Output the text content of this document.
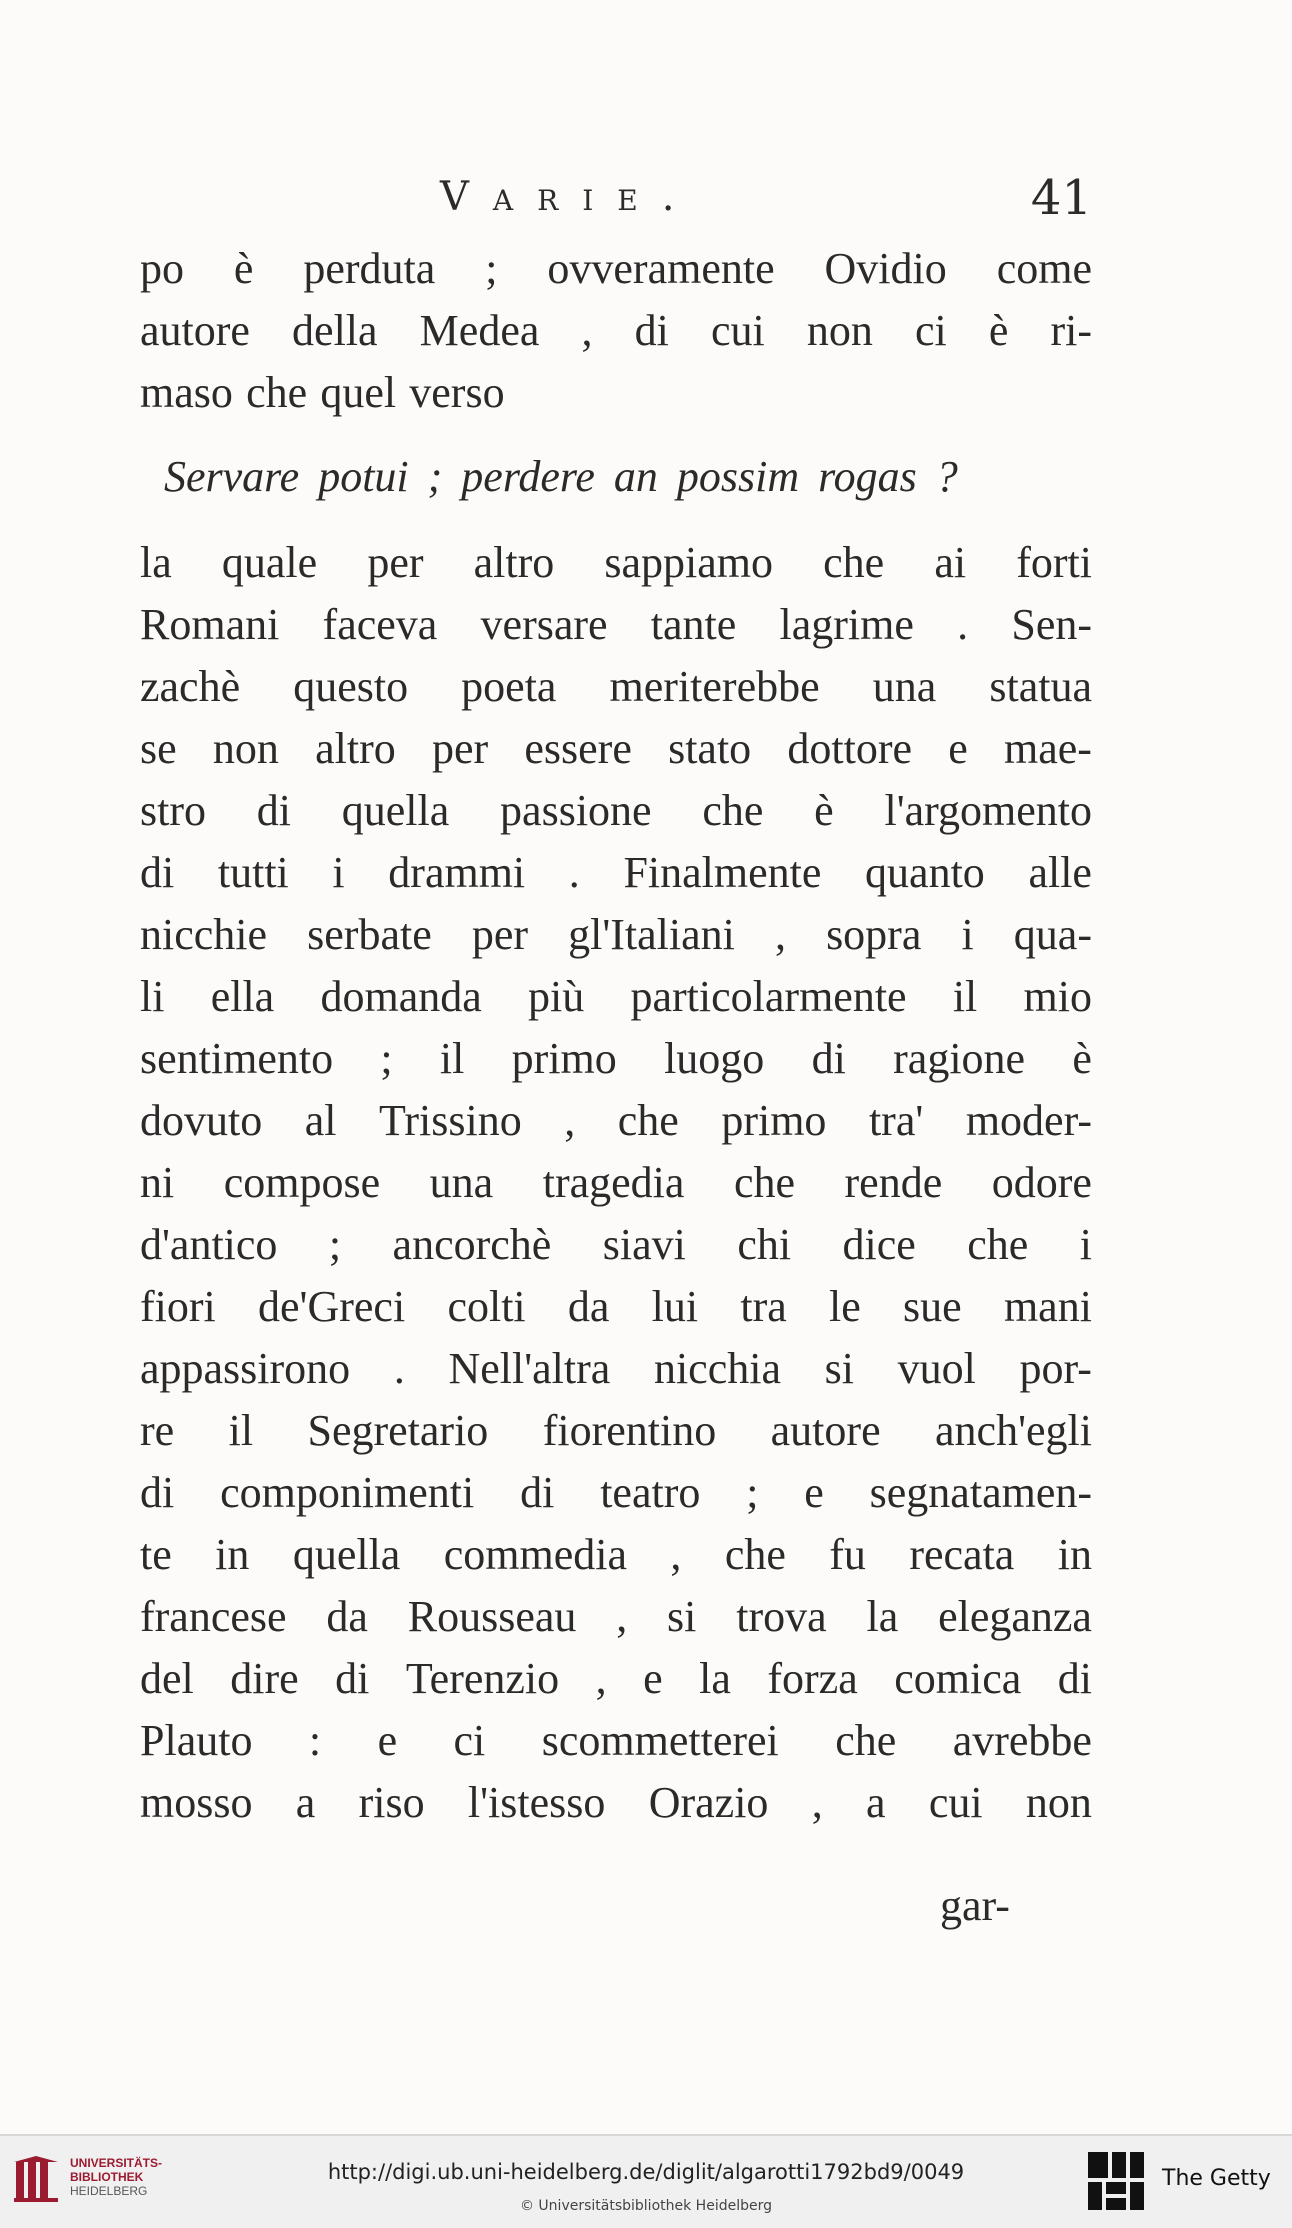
Varie.	41
po è perduta ; ovveramente Ovidio come
autore della Medea , di cui non ci è ri-
maso che quel verso
Servare potui ; perdere an possim rogas ?
la quale per altro sappiamo che ai forti
Romani faceva versare tante lagrime . Sen-
zachè questo poeta meriterebbe una statua
se non altro per essere stato dottore e mae-
stro di quella passione che è l'argomento
di tutti i drammi . Finalmente quanto alle
nicchie serbate per gl'Italiani , sopra i qua-
li ella domanda più particolarmente il mio
sentimento ; il primo luogo di ragione è
dovuto al Trissino , che primo tra' moder-
ni compose una tragedia che rende odore
d'antico ; ancorchè siavi chi dice che i
fiori de'Greci colti da lui tra le sue mani
appassirono . Nell'altra nicchia si vuol por-
re il Segretario fiorentino autore anch'egli
di componimenti di teatro ; e segnatamen-
te in quella commedia , che fu recata in
francese da Rousseau , si trova la eleganza
del dire di Terenzio , e la forza comica di
Plauto : e ci scommetterei che avrebbe
mosso a riso l'istesso Orazio , a cui non
gar-
UNIVERSITÄTS-
BIBLIOTHEK
HEIDELBERG
http://digi.ub.uni-heidelberg.de/diglit/algarotti1792bd9/0049
© Universitätsbibliothek Heidelberg
The Getty
